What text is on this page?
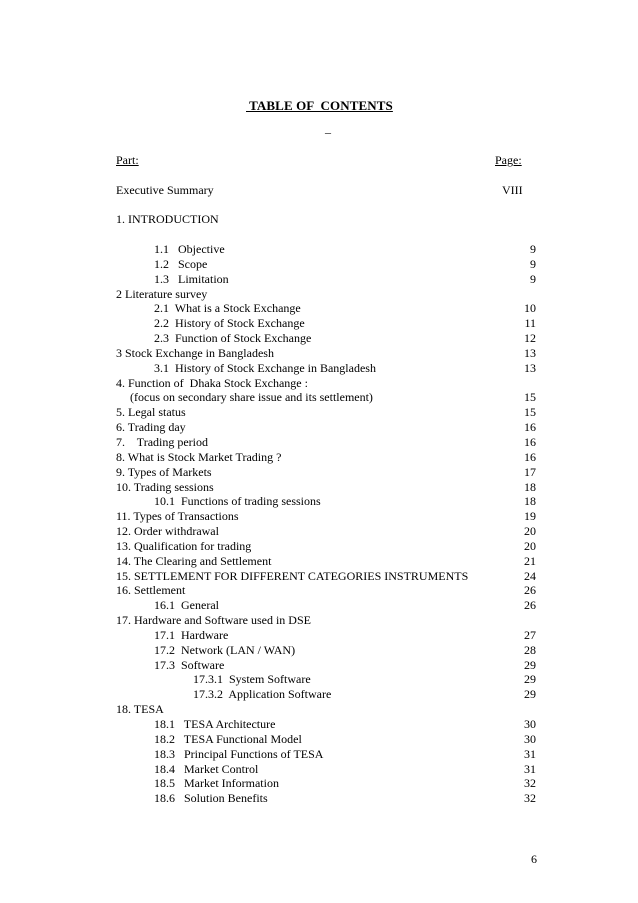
TABLE OF  CONTENTS
_
Part:	Page:
Executive Summary	VIII
1. INTRODUCTION
1.1   Objective	9
1.2   Scope	9
1.3   Limitation	9
2 Literature survey
2.1  What is a Stock Exchange	10
2.2  History of Stock Exchange	11
2.3  Function of Stock Exchange	12
3 Stock Exchange in Bangladesh	13
3.1  History of Stock Exchange in Bangladesh	13
4. Function of  Dhaka Stock Exchange :
(focus on secondary share issue and its settlement)	15
5. Legal status	15
6. Trading day	16
7.    Trading period	16
8. What is Stock Market Trading ?	16
9. Types of Markets	17
10. Trading sessions	18
10.1  Functions of trading sessions	18
11. Types of Transactions	19
12. Order withdrawal	20
13. Qualification for trading	20
14. The Clearing and Settlement	21
15. SETTLEMENT FOR DIFFERENT CATEGORIES INSTRUMENTS	24
16. Settlement	26
16.1  General	26
17. Hardware and Software used in DSE
17.1  Hardware	27
17.2  Network (LAN / WAN)	28
17.3  Software	29
17.3.1  System Software	29
17.3.2  Application Software	29
18. TESA
18.1   TESA Architecture	30
18.2   TESA Functional Model	30
18.3   Principal Functions of TESA	31
18.4   Market Control	31
18.5   Market Information	32
18.6   Solution Benefits	32
6
